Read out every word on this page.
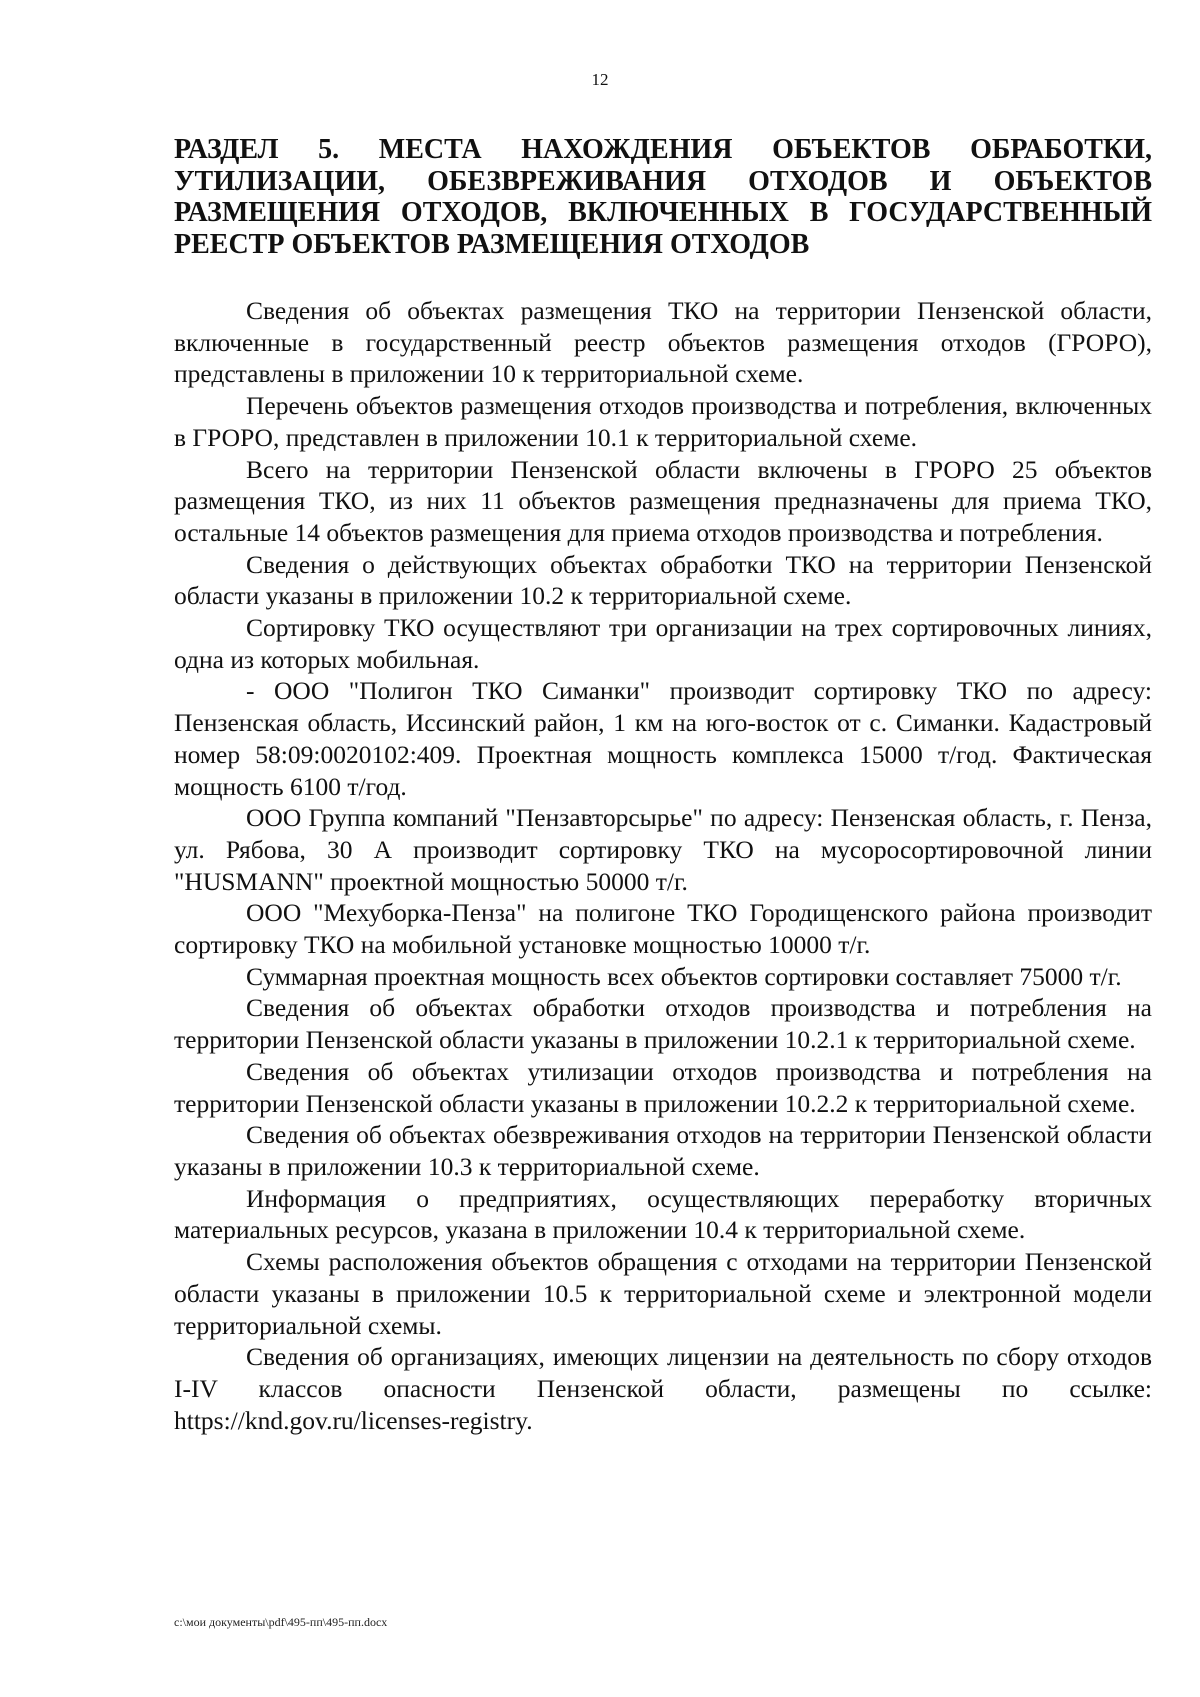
12
РАЗДЕЛ 5. МЕСТА НАХОЖДЕНИЯ ОБЪЕКТОВ ОБРАБОТКИ, УТИЛИЗАЦИИ, ОБЕЗВРЕЖИВАНИЯ ОТХОДОВ И ОБЪЕКТОВ РАЗМЕЩЕНИЯ ОТХОДОВ, ВКЛЮЧЕННЫХ В ГОСУДАРСТВЕННЫЙ РЕЕСТР ОБЪЕКТОВ РАЗМЕЩЕНИЯ ОТХОДОВ

Сведения об объектах размещения ТКО на территории Пензенской области, включенные в государственный реестр объектов размещения отходов (ГРОРО), представлены в приложении 10 к территориальной схеме.

Перечень объектов размещения отходов производства и потребления, включенных в ГРОРО, представлен в приложении 10.1 к территориальной схеме.

Всего на территории Пензенской области включены в ГРОРО 25 объектов размещения ТКО, из них 11 объектов размещения предназначены для приема ТКО, остальные 14 объектов размещения для приема отходов производства и потребления.

Сведения о действующих объектах обработки ТКО на территории Пензенской области указаны в приложении 10.2 к территориальной схеме.

Сортировку ТКО осуществляют три организации на трех сортировочных линиях, одна из которых мобильная.

- ООО "Полигон ТКО Симанки" производит сортировку ТКО по адресу: Пензенская область, Иссинский район, 1 км на юго-восток от с. Симанки. Кадастровый номер 58:09:0020102:409. Проектная мощность комплекса 15000 т/год. Фактическая мощность 6100 т/год.

ООО Группа компаний "Пензавторсырье" по адресу: Пензенская область, г. Пенза, ул. Рябова, 30 А производит сортировку ТКО на мусоросортировочной линии "HUSMANN" проектной мощностью 50000 т/г.

ООО "Мехуборка-Пенза" на полигоне ТКО Городищенского района производит сортировку ТКО на мобильной установке мощностью 10000 т/г.

Суммарная проектная мощность всех объектов сортировки составляет 75000 т/г.

Сведения об объектах обработки отходов производства и потребления на территории Пензенской области указаны в приложении 10.2.1 к территориальной схеме.

Сведения об объектах утилизации отходов производства и потребления на территории Пензенской области указаны в приложении 10.2.2 к территориальной схеме.

Сведения об объектах обезвреживания отходов на территории Пензенской области указаны в приложении 10.3 к территориальной схеме.

Информация о предприятиях, осуществляющих переработку вторичных материальных ресурсов, указана в приложении 10.4 к территориальной схеме.

Схемы расположения объектов обращения с отходами на территории Пензенской области указаны в приложении 10.5 к территориальной схеме и электронной модели территориальной схемы.

Сведения об организациях, имеющих лицензии на деятельность по сбору отходов I-IV классов опасности Пензенской области, размещены по ссылке: https://knd.gov.ru/licenses-registry.

c:\мои документы\pdf\495-пп\495-пп.docx
